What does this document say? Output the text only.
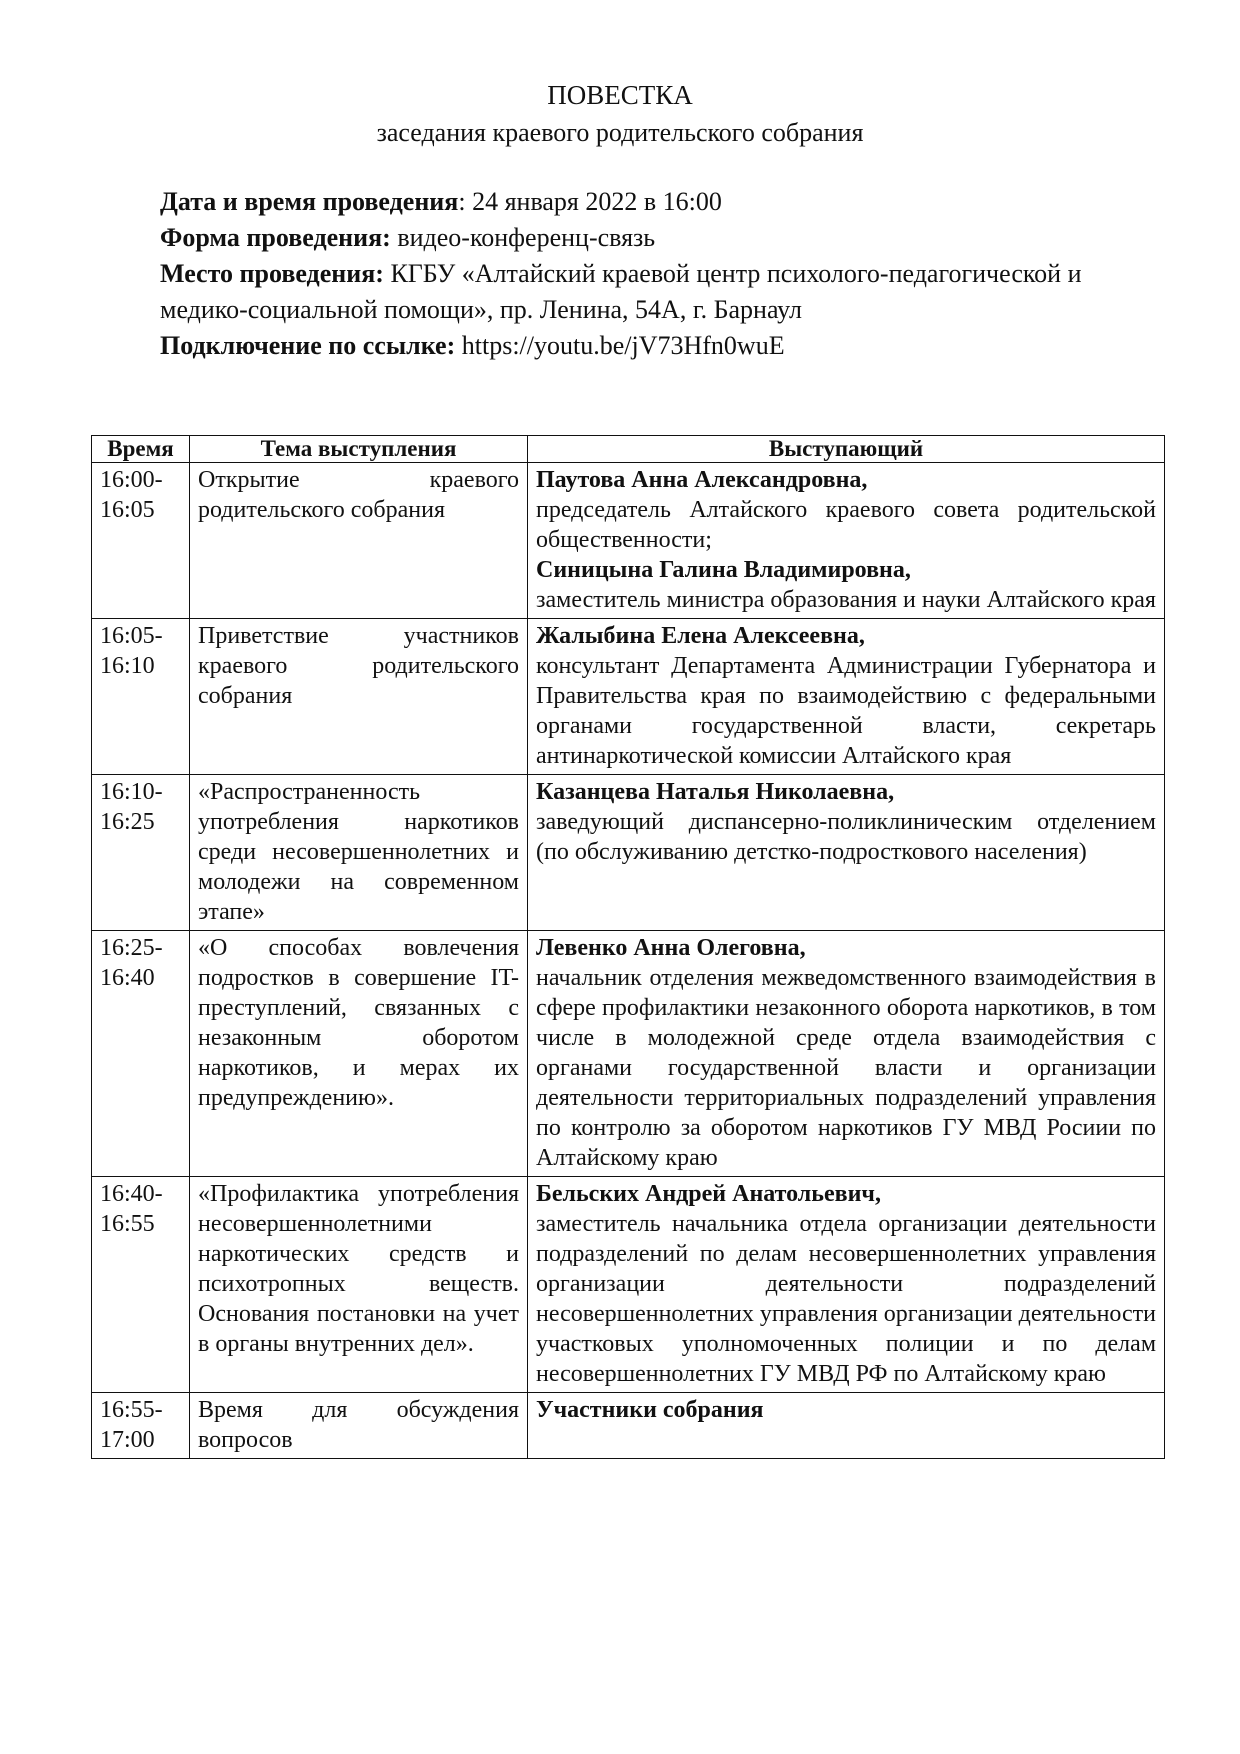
ПОВЕСТКА
заседания краевого родительского собрания

Дата и время проведения: 24 января 2022 в 16:00

Форма проведения: видео-конференц-связь

Место проведения: КГБУ «Алтайский краевой центр психолого-педагогической и медико-социальной помощи», пр. Ленина, 54А, г. Барнаул

Подключение по ссылке: https://youtu.be/jV73Hfn0wuE

Время	Тема выступления	Выступающий
16:00-16:05	Открытие краевого родительского собрания	Паутова Анна Александровна,
председатель Алтайского краевого совета родительской общественности;
Синицына Галина Владимировна,
заместитель министра образования и науки Алтайского края

16:05-16:10	Приветствие участников краевого родительского собрания	Жалыбина Елена Алексеевна,
консультант Департамента Администрации Губернатора и Правительства края по взаимодействию с федеральными органами государственной власти, секретарь антинаркотической комиссии Алтайского края

16:10-16:25	«Распространенность употребления наркотиков среди несовершеннолетних и молодежи на современном этапе»	Казанцева Наталья Николаевна,
заведующий диспансерно-поликлиническим отделением (по обслуживанию детстко-подросткового населения)

16:25-16:40	«О способах вовлечения подростков в совершение IT-преступлений, связанных с незаконным оборотом наркотиков, и мерах их предупреждению».	Левенко Анна Олеговна,
начальник отделения межведомственного взаимодействия в сфере профилактики незаконного оборота наркотиков, в том числе в молодежной среде отдела взаимодействия с органами государственной власти и организации деятельности территориальных подразделений управления по контролю за оборотом наркотиков ГУ МВД Росиии по Алтайскому краю

16:40-16:55	«Профилактика употребления несовершеннолетними наркотических средств и психотропных веществ. Основания постановки на учет в органы внутренних дел».	Бельских Андрей Анатольевич,
заместитель начальника отдела организации деятельности подразделений по делам несовершеннолетних управления организации деятельности подразделений несовершеннолетних управления организации деятельности участковых уполномоченных полиции и по делам несовершеннолетних ГУ МВД РФ по Алтайскому краю

16:55-17:00	Время для обсуждения вопросов	Участники собрания
